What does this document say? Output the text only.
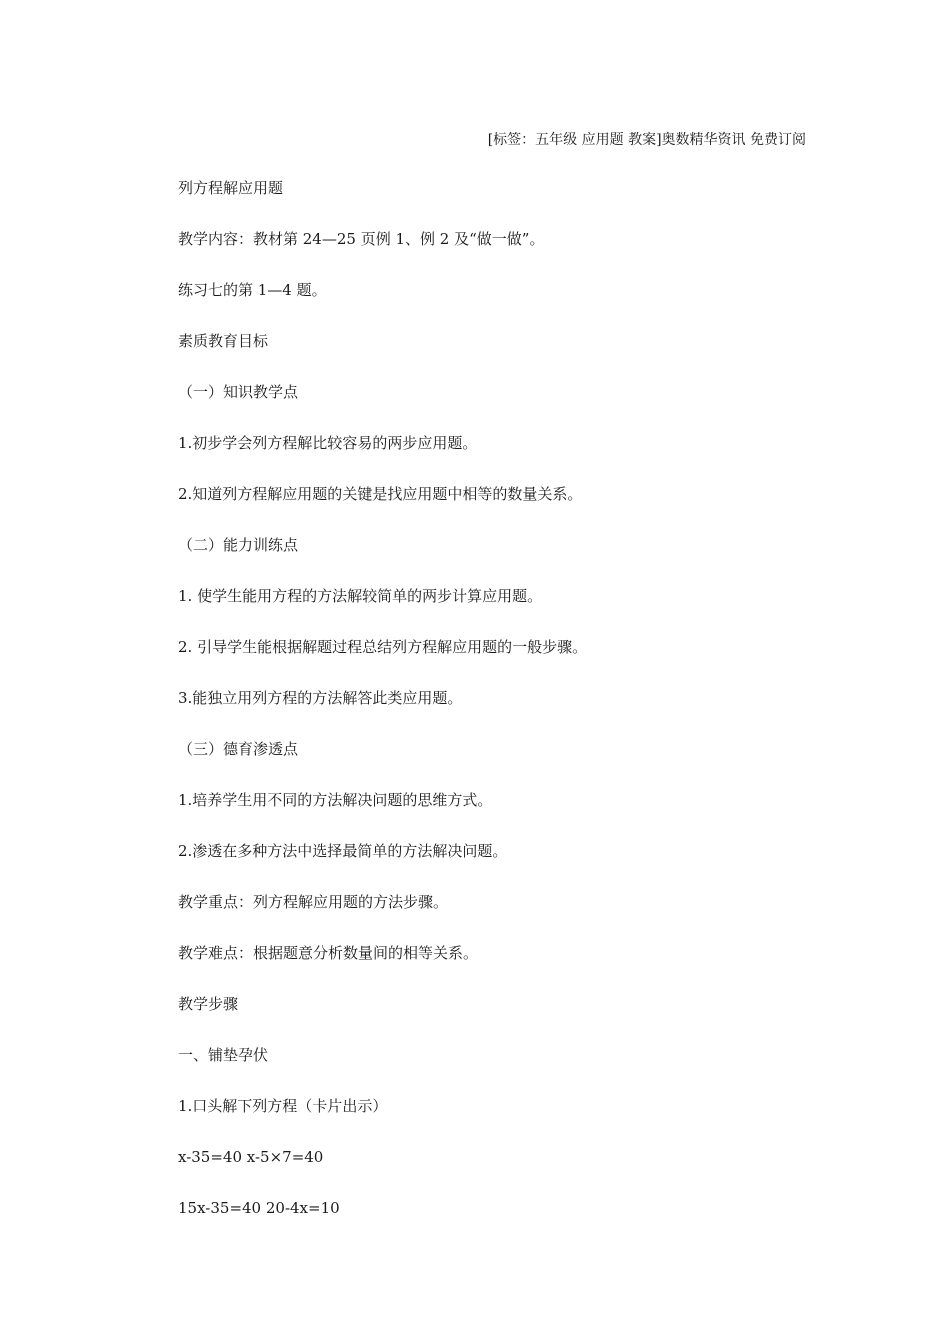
[标签：五年级 应用题 教案]奥数精华资讯 免费订阅
列方程解应用题
教学内容：教材第 24—25 页例 1、例 2 及“做一做”。
练习七的第 1—4 题。
素质教育目标
（一）知识教学点
1.初步学会列方程解比较容易的两步应用题。
2.知道列方程解应用题的关键是找应用题中相等的数量关系。
（二）能力训练点
1. 使学生能用方程的方法解较简单的两步计算应用题。
2. 引导学生能根据解题过程总结列方程解应用题的一般步骤。
3.能独立用列方程的方法解答此类应用题。
（三）德育渗透点
1.培养学生用不同的方法解决问题的思维方式。
2.渗透在多种方法中选择最简单的方法解决问题。
教学重点：列方程解应用题的方法步骤。
教学难点：根据题意分析数量间的相等关系。
教学步骤
一、铺垫孕伏
1.口头解下列方程（卡片出示）
x-35=40 x-5×7=40
15x-35=40 20-4x=10
